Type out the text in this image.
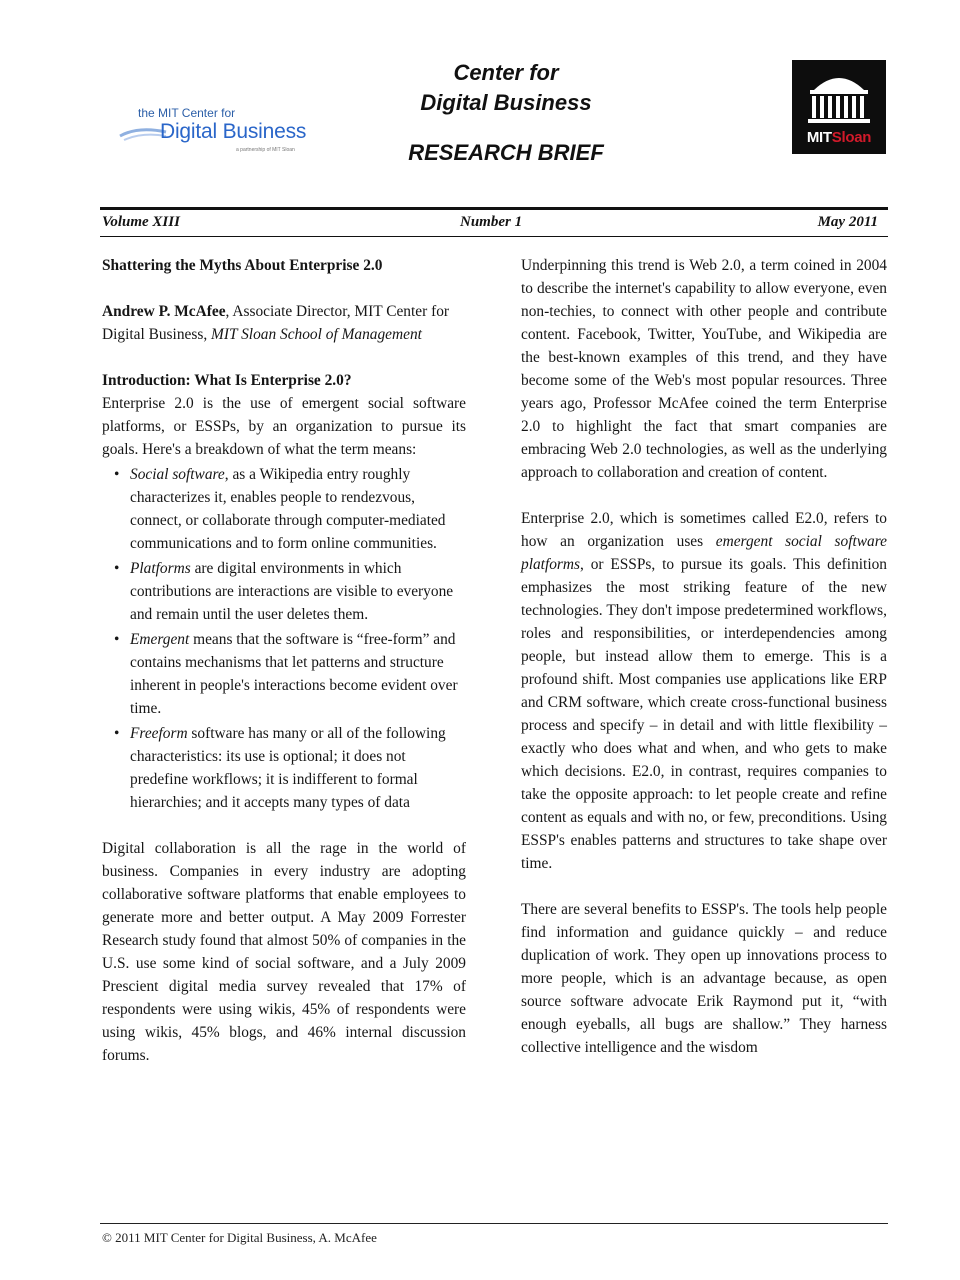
the MIT Center for
Digital Business
a partnership of MIT Sloan
Center for
Digital Business
RESEARCH BRIEF
MITSloan
Volume XIII	Number 1	May 2011

Shattering the Myths About Enterprise 2.0

Andrew P. McAfee, Associate Director, MIT Center for Digital Business, MIT Sloan School of Management

Introduction: What Is Enterprise 2.0?

Enterprise 2.0 is the use of emergent social software platforms, or ESSPs, by an organization to pursue its goals. Here's a breakdown of what the term means:

• Social software, as a Wikipedia entry roughly characterizes it, enables people to rendezvous, connect, or collaborate through computer-mediated communications and to form online communities.
• Platforms are digital environments in which contributions are interactions are visible to everyone and remain until the user deletes them.
• Emergent means that the software is “free-form” and contains mechanisms that let patterns and structure inherent in people's interactions become evident over time.
• Freeform software has many or all of the following characteristics: its use is optional; it does not predefine workflows; it is indifferent to formal hierarchies; and it accepts many types of data

Digital collaboration is all the rage in the world of business. Companies in every industry are adopting collaborative software platforms that enable employees to generate more and better output. A May 2009 Forrester Research study found that almost 50% of companies in the U.S. use some kind of social software, and a July 2009 Prescient digital media survey revealed that 17% of respondents were using wikis, 45% of respondents were using wikis, 45% blogs, and 46% internal discussion forums.

Underpinning this trend is Web 2.0, a term coined in 2004 to describe the internet's capability to allow everyone, even non-techies, to connect with other people and contribute content. Facebook, Twitter, YouTube, and Wikipedia are the best-known examples of this trend, and they have become some of the Web's most popular resources. Three years ago, Professor McAfee coined the term Enterprise 2.0 to highlight the fact that smart companies are embracing Web 2.0 technologies, as well as the underlying approach to collaboration and creation of content.

Enterprise 2.0, which is sometimes called E2.0, refers to how an organization uses emergent social software platforms, or ESSPs, to pursue its goals. This definition emphasizes the most striking feature of the new technologies. They don't impose predetermined workflows, roles and responsibilities, or interdependencies among people, but instead allow them to emerge. This is a profound shift. Most companies use applications like ERP and CRM software, which create cross-functional business process and specify – in detail and with little flexibility – exactly who does what and when, and who gets to make which decisions. E2.0, in contrast, requires companies to take the opposite approach: to let people create and refine content as equals and with no, or few, preconditions. Using ESSP's enables patterns and structures to take shape over time.

There are several benefits to ESSP's. The tools help people find information and guidance quickly – and reduce duplication of work. They open up innovations process to more people, which is an advantage because, as open source software advocate Erik Raymond put it, “with enough eyeballs, all bugs are shallow.” They harness collective intelligence and the wisdom

© 2011 MIT Center for Digital Business, A. McAfee
